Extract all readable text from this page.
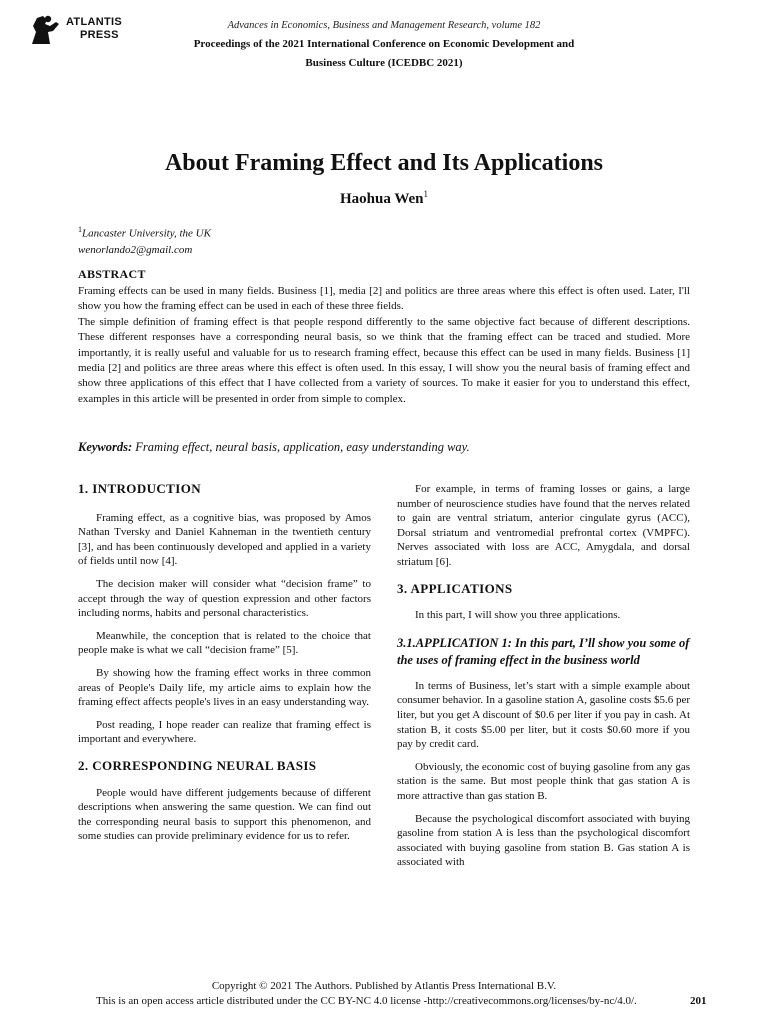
ATLANTIS
PRESS
Advances in Economics, Business and Management Research, volume 182
Proceedings of the 2021 International Conference on Economic Development and
Business Culture (ICEDBC 2021)
About Framing Effect and Its Applications
Haohua Wen$^1$
$^1$Lancaster University, the UK
wenorlando2@gmail.com
ABSTRACT

Framing effects can be used in many fields. Business [1], media [2] and politics are three areas where this effect is often used. Later, I'll show you how the framing effect can be used in each of these three fields.

The simple definition of framing effect is that people respond differently to the same objective fact because of different descriptions. These different responses have a corresponding neural basis, so we think that the framing effect can be traced and studied. More importantly, it is really useful and valuable for us to research framing effect, because this effect can be used in many fields. Business [1] media [2] and politics are three areas where this effect is often used. In this essay, I will show you the neural basis of framing effect and show three applications of this effect that I have collected from a variety of sources. To make it easier for you to understand this effect, examples in this article will be presented in order from simple to complex.

Keywords: Framing effect, neural basis, application, easy understanding way.
1. INTRODUCTION

Framing effect, as a cognitive bias, was proposed by Amos Nathan Tversky and Daniel Kahneman in the twentieth century [3], and has been continuously developed and applied in a variety of fields until now [4].

The decision maker will consider what “decision frame” to accept through the way of question expression and other factors including norms, habits and personal characteristics.

Meanwhile, the conception that is related to the choice that people make is what we call “decision frame” [5].

By showing how the framing effect works in three common areas of People's Daily life, my article aims to explain how the framing effect affects people's lives in an easy understanding way.

Post reading, I hope reader can realize that framing effect is important and everywhere.

2. CORRESPONDING NEURAL BASIS

People would have different judgements because of different descriptions when answering the same question. We can find out the corresponding neural basis to support this phenomenon, and some studies can provide preliminary evidence for us to refer.

For example, in terms of framing losses or gains, a large number of neuroscience studies have found that the nerves related to gain are ventral striatum, anterior cingulate gyrus (ACC), Dorsal striatum and ventromedial prefrontal cortex (VMPFC). Nerves associated with loss are ACC, Amygdala, and dorsal striatum [6].

3. APPLICATIONS

In this part, I will show you three applications.

3.1.APPLICATION 1: In this part, I’ll show you some of the uses of framing effect in the business world

In terms of Business, let’s start with a simple example about consumer behavior. In a gasoline station A, gasoline costs $5.6 per liter, but you get A discount of $0.6 per liter if you pay in cash. At station B, it costs $5.00 per liter, but it costs $0.60 more if you pay by credit card.

Obviously, the economic cost of buying gasoline from any gas station is the same. But most people think that gas station A is more attractive than gas station B.

Because the psychological discomfort associated with buying gasoline from station A is less than the psychological discomfort associated with buying gasoline from station B. Gas station A is associated with

Copyright © 2021 The Authors. Published by Atlantis Press International B.V.
This is an open access article distributed under the CC BY-NC 4.0 license -http://creativecommons.org/licenses/by-nc/4.0/.	201
